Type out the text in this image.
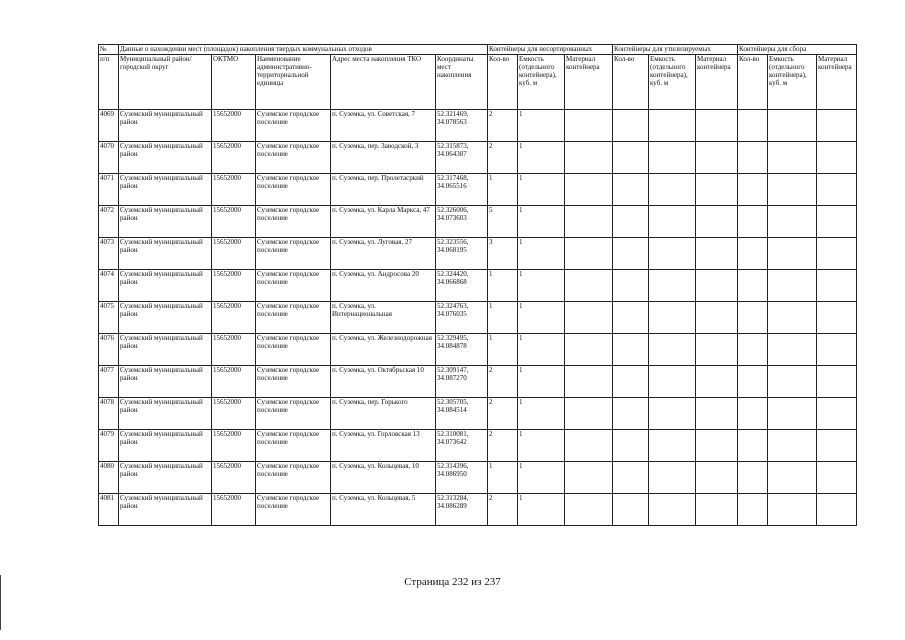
№	Данные о нахождении мест (площадок) накопления твердых коммунальных отходов					Контейнеры для несортированных			Контейнеры для утилизируемых			Контейнеры для сбора		
п/п	Муниципальный район/городской округ	ОКТМО	Наименование административно-территориальной единицы	Адрес места накопления ТКО	Координаты мест накопления	Кол-во	Емкость (отдельного контейнера), куб. м	Материал контейнера	Кол-во	Емкость (отдельного контейнера), куб. м	Материал контейнера	Кол-во	Емкость (отдельного контейнера), куб. м	Материал контейнера
4069	Суземский муниципальный район	15652000	Суземское городское поселение	п. Суземка, ул. Советская, 7	52.321469, 34.078563	2	1							
4070	Суземский муниципальный район	15652000	Суземское городское поселение	п. Суземка, пер. Заводской, 3	52.315873, 34.064387	2	1							
4071	Суземский муниципальный район	15652000	Суземское городское поселение	п. Суземка, пер. Пролетасркий	52.317468, 34.065516	1	1							
4072	Суземский муниципальный район	15652000	Суземское городское поселение	п. Суземка, ул. Карла Маркса, 47	52.326006, 34.073603	5	1							
4073	Суземский муниципальный район	15652000	Суземское городское поселение	п. Суземка, ул. Луговая, 27	52.323556, 34.068195	3	1							
4074	Суземский муниципальный район	15652000	Суземское городское поселение	п. Суземка, ул. Андросова 20	52.324420, 34.066868	1	1							
4075	Суземский муниципальный район	15652000	Суземское городское поселение	п. Суземка, ул. Интернациональная	52.324763, 34.076035	1	1							
4076	Суземский муниципальный район	15652000	Суземское городское поселение	п. Суземка, ул. Железнодорожная	52.329495, 34.084878	1	1							
4077	Суземский муниципальный район	15652000	Суземское городское поселение	п. Суземка, ул. Октябрьская 10	52.309147, 34.087270	2	1							
4078	Суземский муниципальный район	15652000	Суземское городское поселение	п. Суземка, пер. Горького	52.305705, 34.084514	2	1							
4079	Суземский муниципальный район	15652000	Суземское городское поселение	п. Суземка, ул. Горловская 13	52.310081, 34.073642	2	1							
4080	Суземский муниципальный район	15652000	Суземское городское поселение	п. Суземка, ул. Кольцевая, 10	52.314396, 34.086950	1	1							
4081	Суземский муниципальный район	15652000	Суземское городское поселение	п. Суземка, ул. Кольцевая, 5	52.313284, 34.086289	2	1							
Страница 232 из 237
